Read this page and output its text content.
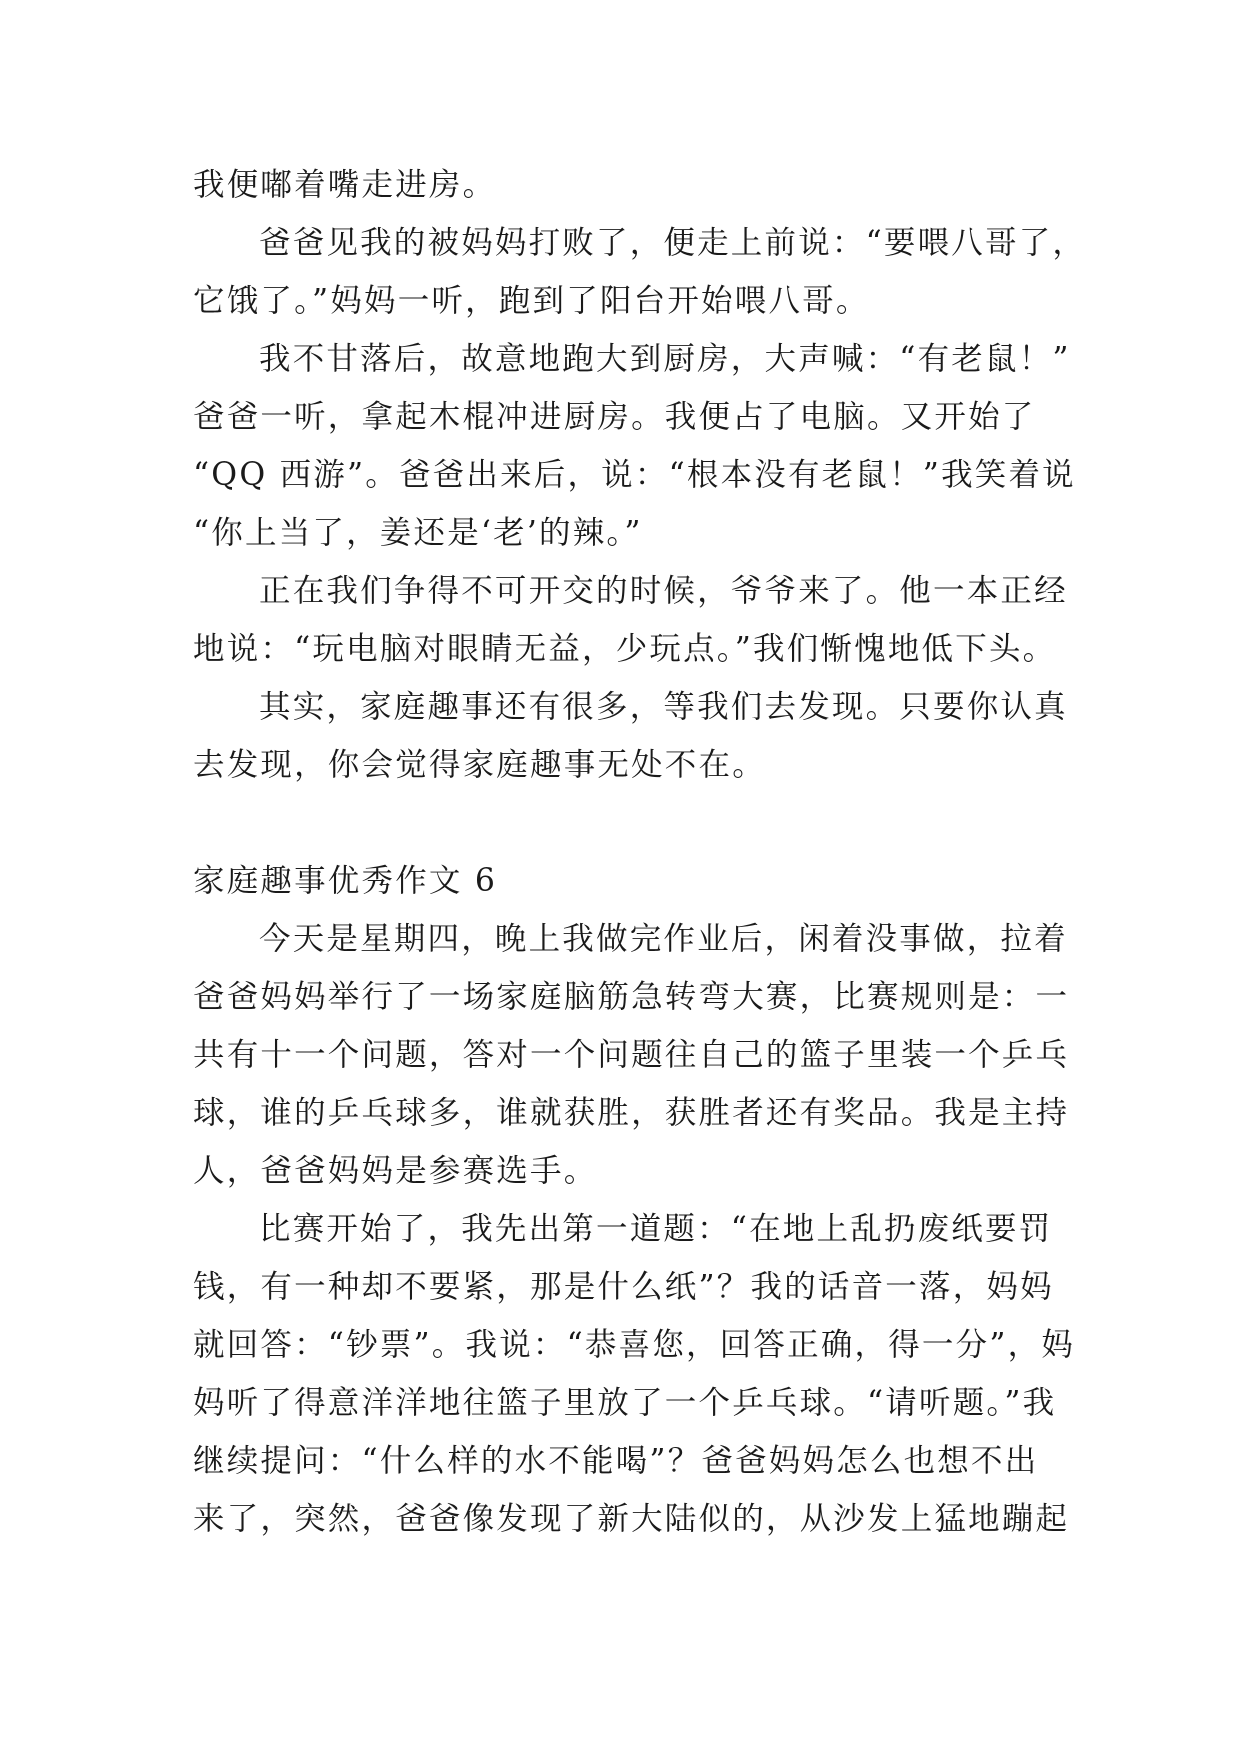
我便嘟着嘴走进房。
爸爸见我的被妈妈打败了，便走上前说：“要喂八哥了，
它饿了。”妈妈一听，跑到了阳台开始喂八哥。
我不甘落后，故意地跑大到厨房，大声喊：“有老鼠！”
爸爸一听，拿起木棍冲进厨房。我便占了电脑。又开始了
“QQ 西游”。爸爸出来后，说：“根本没有老鼠！”我笑着说
“你上当了，姜还是‘老’的辣。”
正在我们争得不可开交的时候，爷爷来了。他一本正经
地说：“玩电脑对眼睛无益，少玩点。”我们惭愧地低下头。
其实，家庭趣事还有很多，等我们去发现。只要你认真
去发现，你会觉得家庭趣事无处不在。
家庭趣事优秀作文 6
今天是星期四，晚上我做完作业后，闲着没事做，拉着
爸爸妈妈举行了一场家庭脑筋急转弯大赛，比赛规则是：一
共有十一个问题，答对一个问题往自己的篮子里装一个乒乓
球，谁的乒乓球多，谁就获胜，获胜者还有奖品。我是主持
人，爸爸妈妈是参赛选手。
比赛开始了，我先出第一道题：“在地上乱扔废纸要罚
钱，有一种却不要紧，那是什么纸”？我的话音一落，妈妈
就回答：“钞票”。我说：“恭喜您，回答正确，得一分”，妈
妈听了得意洋洋地往篮子里放了一个乒乓球。“请听题。”我
继续提问：“什么样的水不能喝”？爸爸妈妈怎么也想不出
来了，突然，爸爸像发现了新大陆似的，从沙发上猛地蹦起
